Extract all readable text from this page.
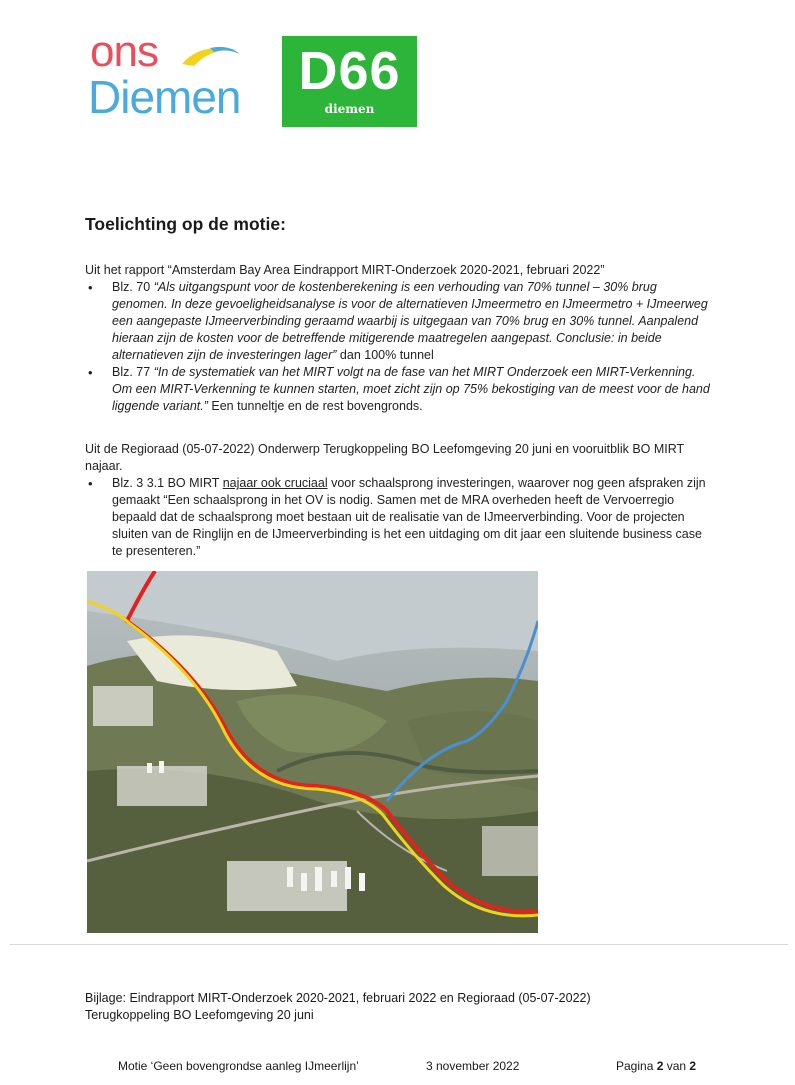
ons
Diemen	D66
diemen
Toelichting op de motie:
Uit het rapport “Amsterdam Bay Area Eindrapport MIRT-Onderzoek 2020-2021, februari 2022”
• Blz. 70 “Als uitgangspunt voor de kostenberekening is een verhouding van 70% tunnel – 30% brug genomen. In deze gevoeligheidsanalyse is voor de alternatieven IJmeermetro en IJmeermetro + IJmeerweg een aangepaste IJmeerverbinding geraamd waarbij is uitgegaan van 70% brug en 30% tunnel. Aanpalend hieraan zijn de kosten voor de betreffende mitigerende maatregelen aangepast. Conclusie: in beide alternatieven zijn de investeringen lager” dan 100% tunnel
• Blz. 77 “In de systematiek van het MIRT volgt na de fase van het MIRT Onderzoek een MIRT-Verkenning. Om een MIRT-Verkenning te kunnen starten, moet zicht zijn op 75% bekostiging van de meest voor de hand liggende variant.” Een tunneltje en de rest bovengronds.
Uit de Regioraad (05-07-2022) Onderwerp Terugkoppeling BO Leefomgeving 20 juni en vooruitblik BO MIRT najaar.
• Blz. 3 3.1 BO MIRT najaar ook cruciaal voor schaalsprong investeringen, waarover nog geen afspraken zijn gemaakt “Een schaalsprong in het OV is nodig. Samen met de MRA overheden heeft de Vervoerregio bepaald dat de schaalsprong moet bestaan uit de realisatie van de IJmeerverbinding. Voor de projecten sluiten van de Ringlijn en de IJmeerverbinding is het een uitdaging om dit jaar een sluitende business case te presenteren.”
Bijlage: Eindrapport MIRT-Onderzoek 2020-2021, februari 2022 en Regioraad (05-07-2022)
Terugkoppeling BO Leefomgeving 20 juni
Motie ‘Geen bovengrondse aanleg IJmeerlijn’	3 november 2022	Pagina 2 van 2
